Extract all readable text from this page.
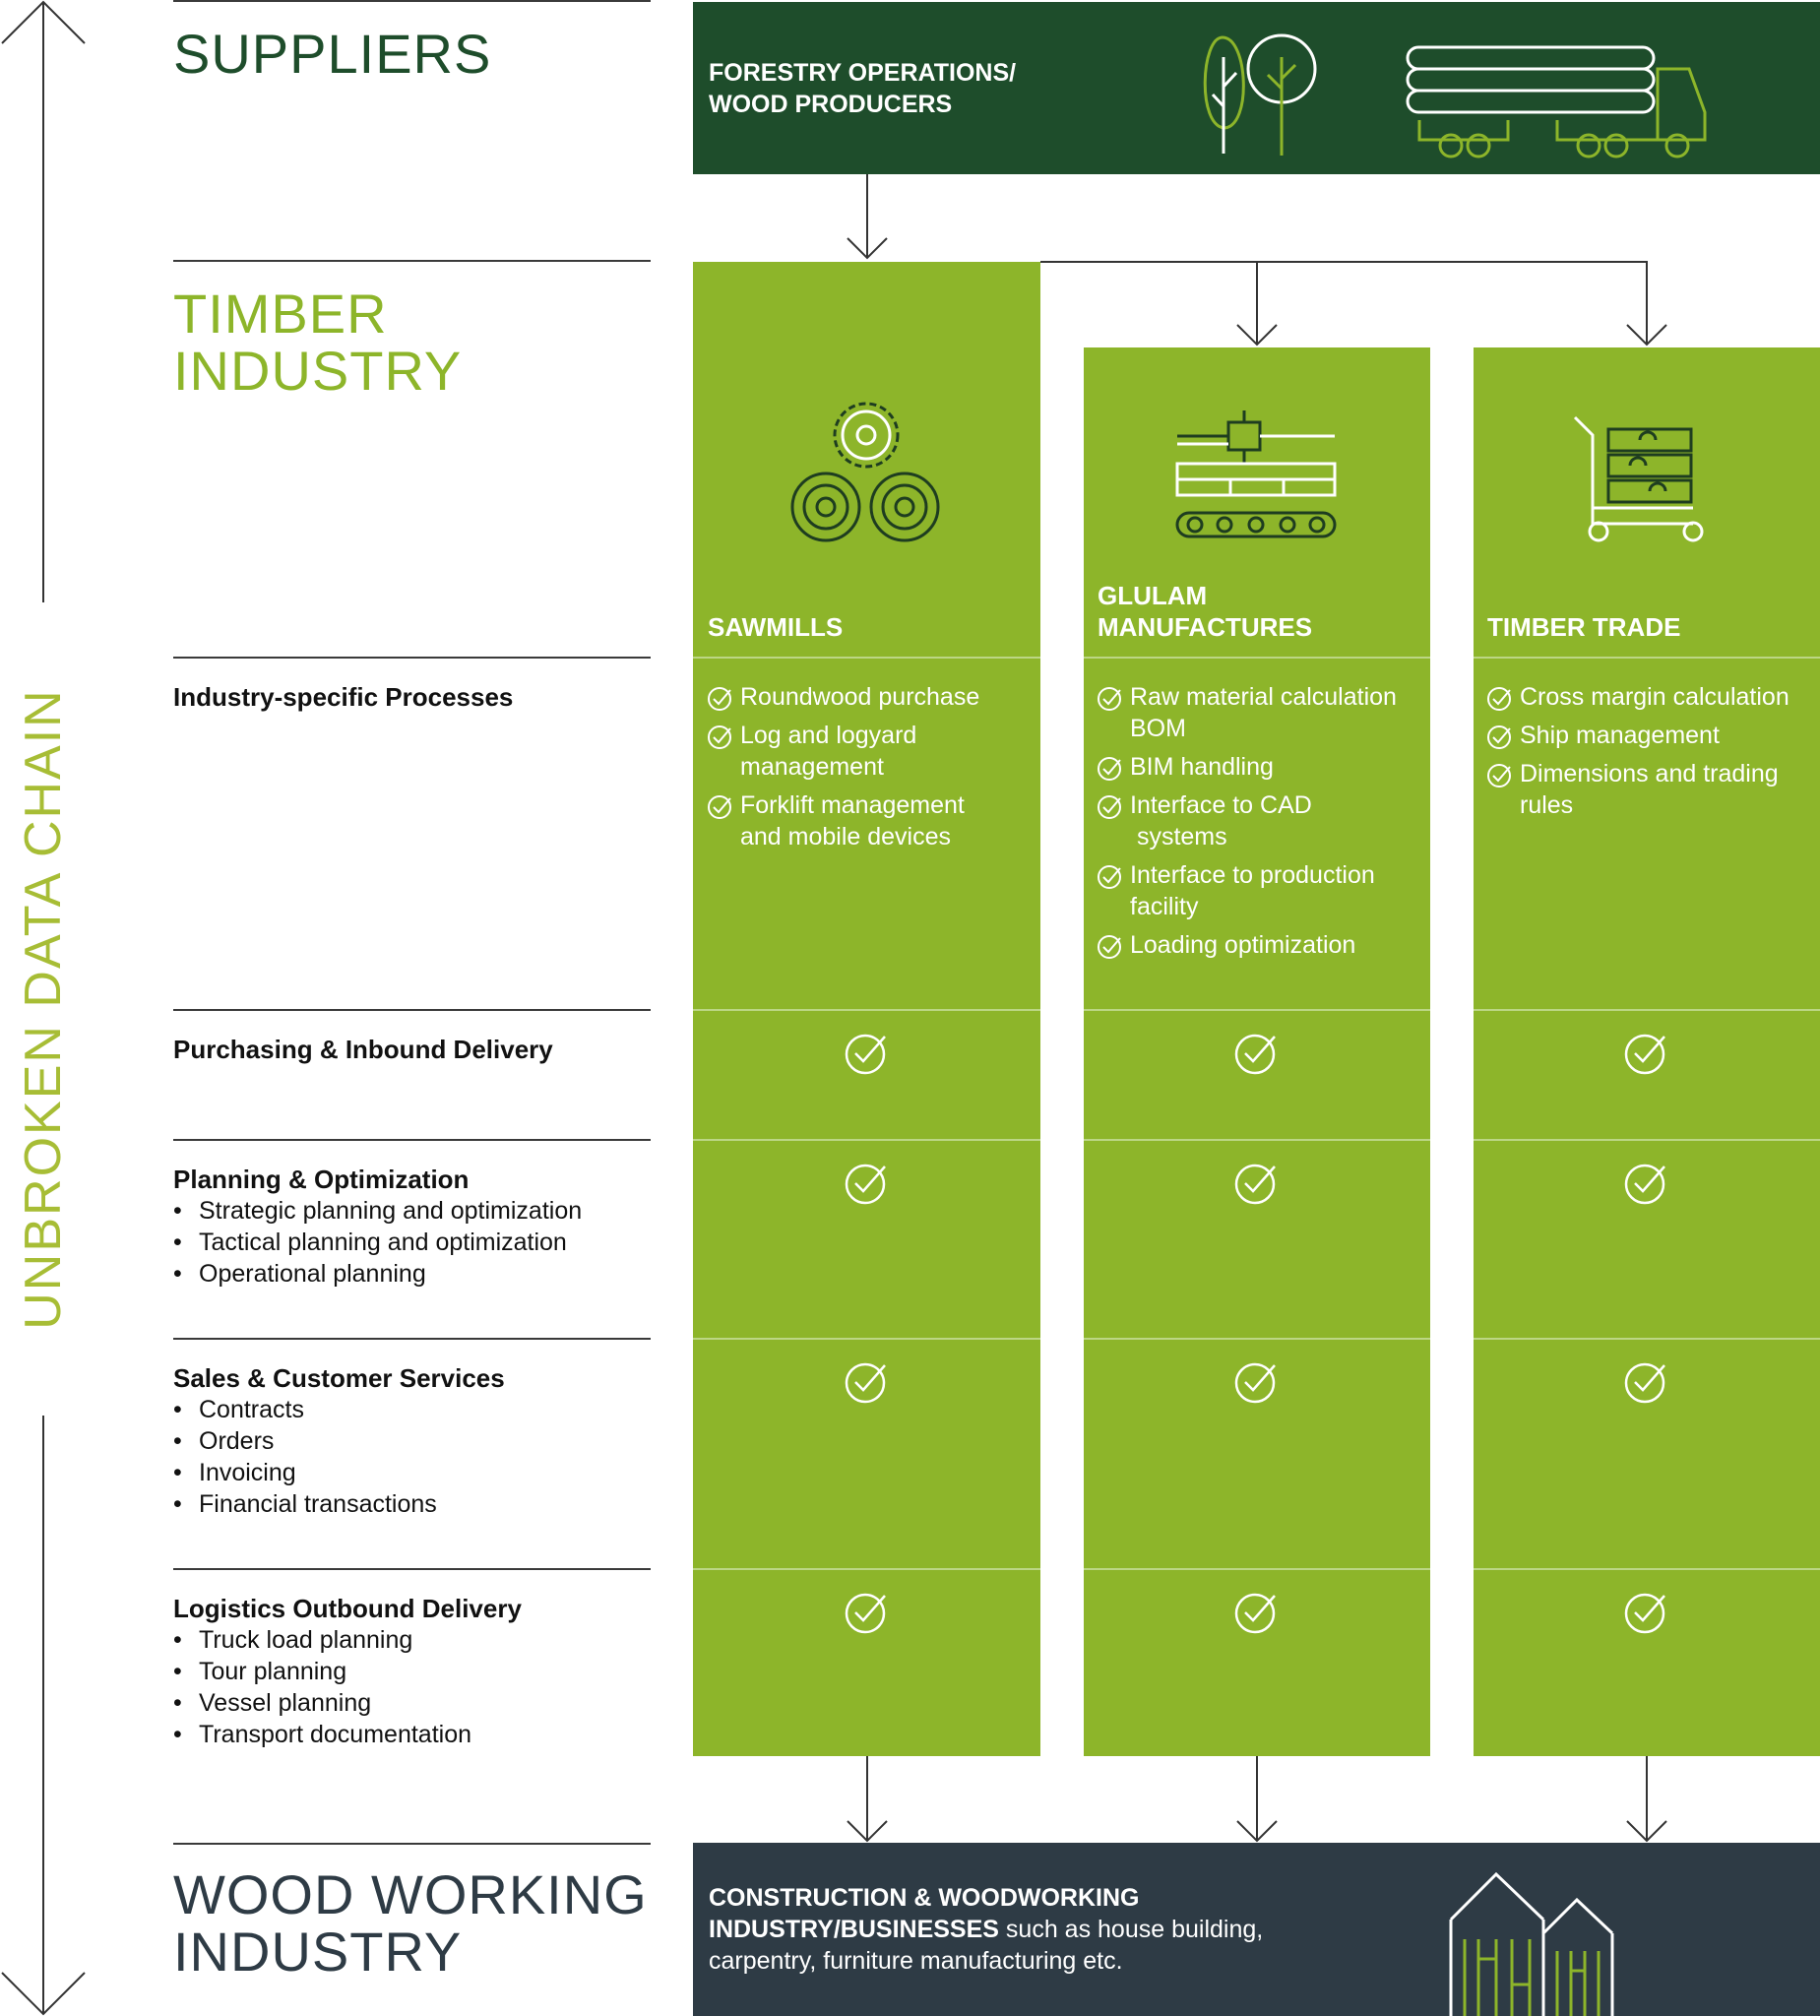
UNBROKEN DATA CHAIN
SUPPLIERS
TIMBER
INDUSTRY
Industry-specific Processes
Purchasing & Inbound Delivery
Planning & Optimization
• Strategic planning and optimization
• Tactical planning and optimization
• Operational planning
Sales & Customer Services
• Contracts
• Orders
• Invoicing
• Financial transactions
Logistics Outbound Delivery
• Truck load planning
• Tour planning
• Vessel planning
• Transport documentation
WOOD WORKING
INDUSTRY
FORESTRY OPERATIONS/
WOOD PRODUCERS
SAWMILLS
Roundwood purchase
Log and logyard
management
Forklift management
and mobile devices
GLULAM
MANUFACTURES
Raw material calculation
BOM
BIM handling
Interface to CAD
systems
Interface to production
facility
Loading optimization
TIMBER TRADE
Cross margin calculation
Ship management
Dimensions and trading
rules
CONSTRUCTION & WOODWORKING
INDUSTRY/BUSINESSES such as house building,
carpentry, furniture manufacturing etc.
